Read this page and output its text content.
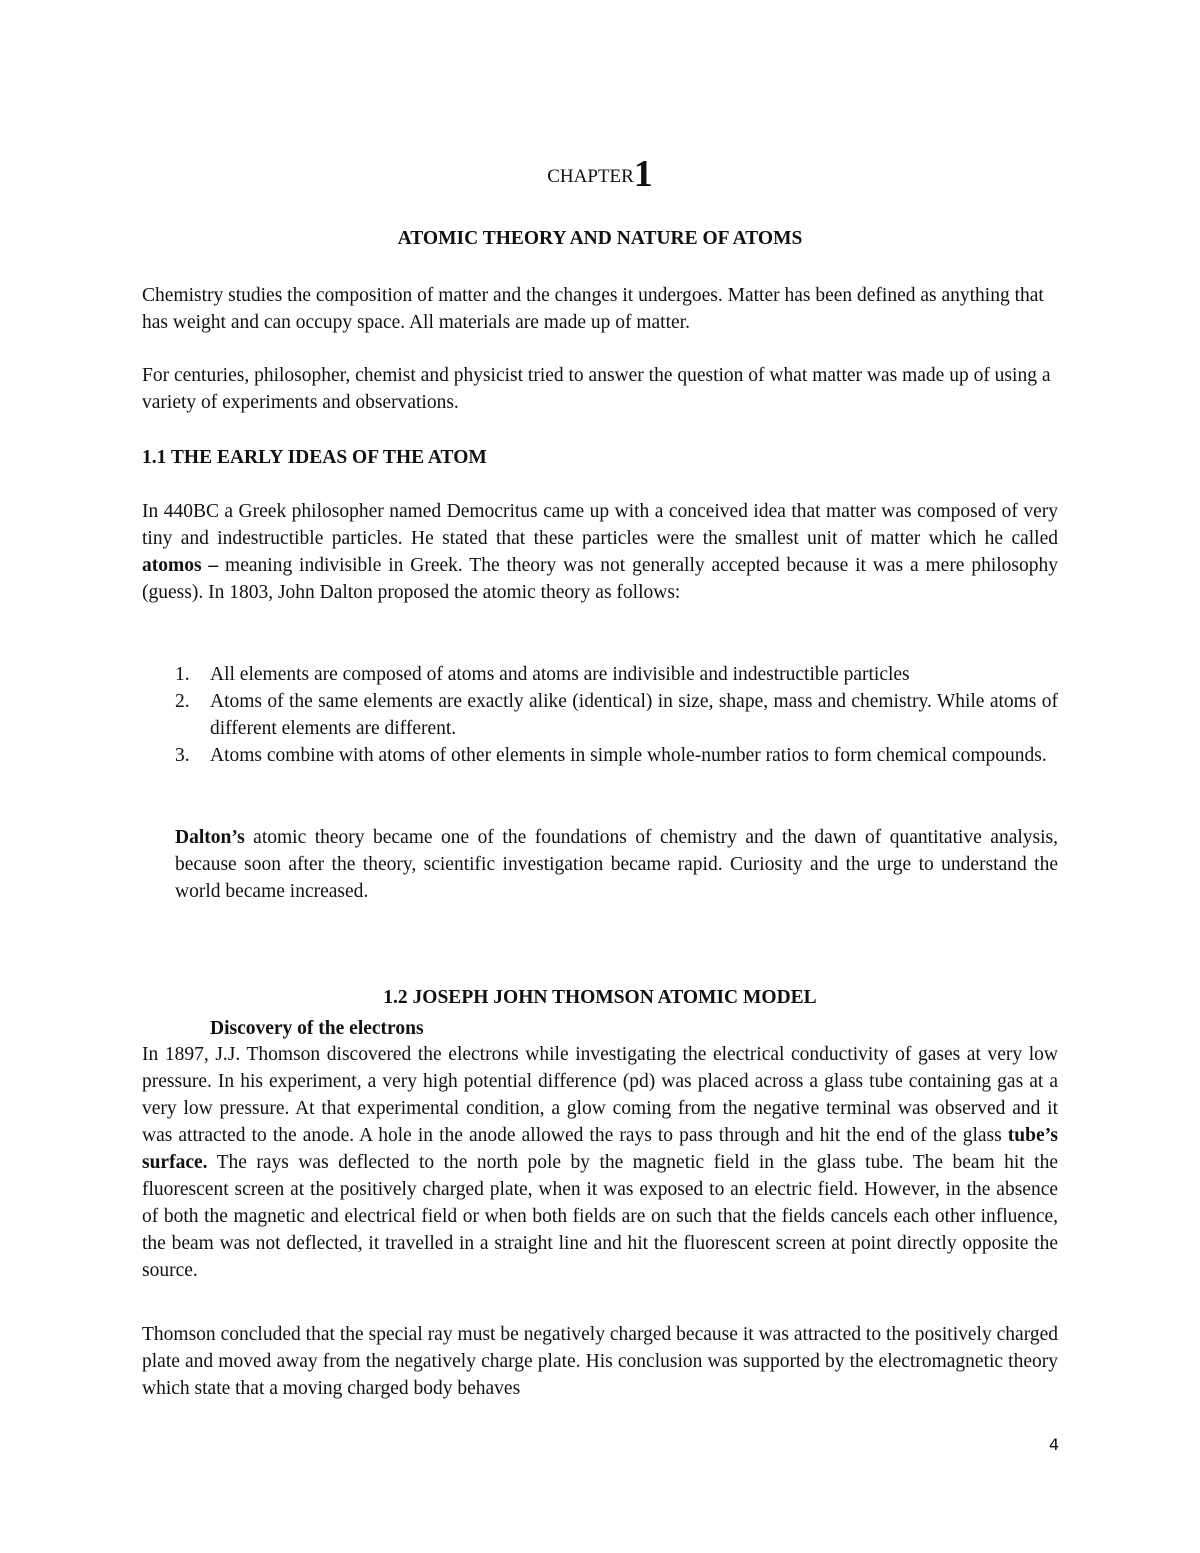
CHAPTER1
ATOMIC THEORY AND NATURE OF ATOMS
Chemistry studies the composition of matter and the changes it undergoes. Matter has been defined as anything that has weight and can occupy space. All materials are made up of matter.
For centuries, philosopher, chemist and physicist tried to answer the question of what matter was made up of using a variety of experiments and observations.
1.1 THE EARLY IDEAS OF THE ATOM
In 440BC a Greek philosopher named Democritus came up with a conceived idea that matter was composed of very tiny and indestructible particles. He stated that these particles were the smallest unit of matter which he called atomos – meaning indivisible in Greek. The theory was not generally accepted because it was a mere philosophy (guess). In 1803, John Dalton proposed the atomic theory as follows:
1. All elements are composed of atoms and atoms are indivisible and indestructible particles
2. Atoms of the same elements are exactly alike (identical) in size, shape, mass and chemistry. While atoms of different elements are different.
3. Atoms combine with atoms of other elements in simple whole-number ratios to form chemical compounds.
Dalton’s atomic theory became one of the foundations of chemistry and the dawn of quantitative analysis, because soon after the theory, scientific investigation became rapid. Curiosity and the urge to understand the world became increased.
1.2 JOSEPH JOHN THOMSON ATOMIC MODEL
Discovery of the electrons
In 1897, J.J. Thomson discovered the electrons while investigating the electrical conductivity of gases at very low pressure. In his experiment, a very high potential difference (pd) was placed across a glass tube containing gas at a very low pressure. At that experimental condition, a glow coming from the negative terminal was observed and it was attracted to the anode. A hole in the anode allowed the rays to pass through and hit the end of the glass tube’s surface. The rays was deflected to the north pole by the magnetic field in the glass tube. The beam hit the fluorescent screen at the positively charged plate, when it was exposed to an electric field. However, in the absence of both the magnetic and electrical field or when both fields are on such that the fields cancels each other influence, the beam was not deflected, it travelled in a straight line and hit the fluorescent screen at point directly opposite the source.
Thomson concluded that the special ray must be negatively charged because it was attracted to the positively charged plate and moved away from the negatively charge plate. His conclusion was supported by the electromagnetic theory which state that a moving charged body behaves
4
